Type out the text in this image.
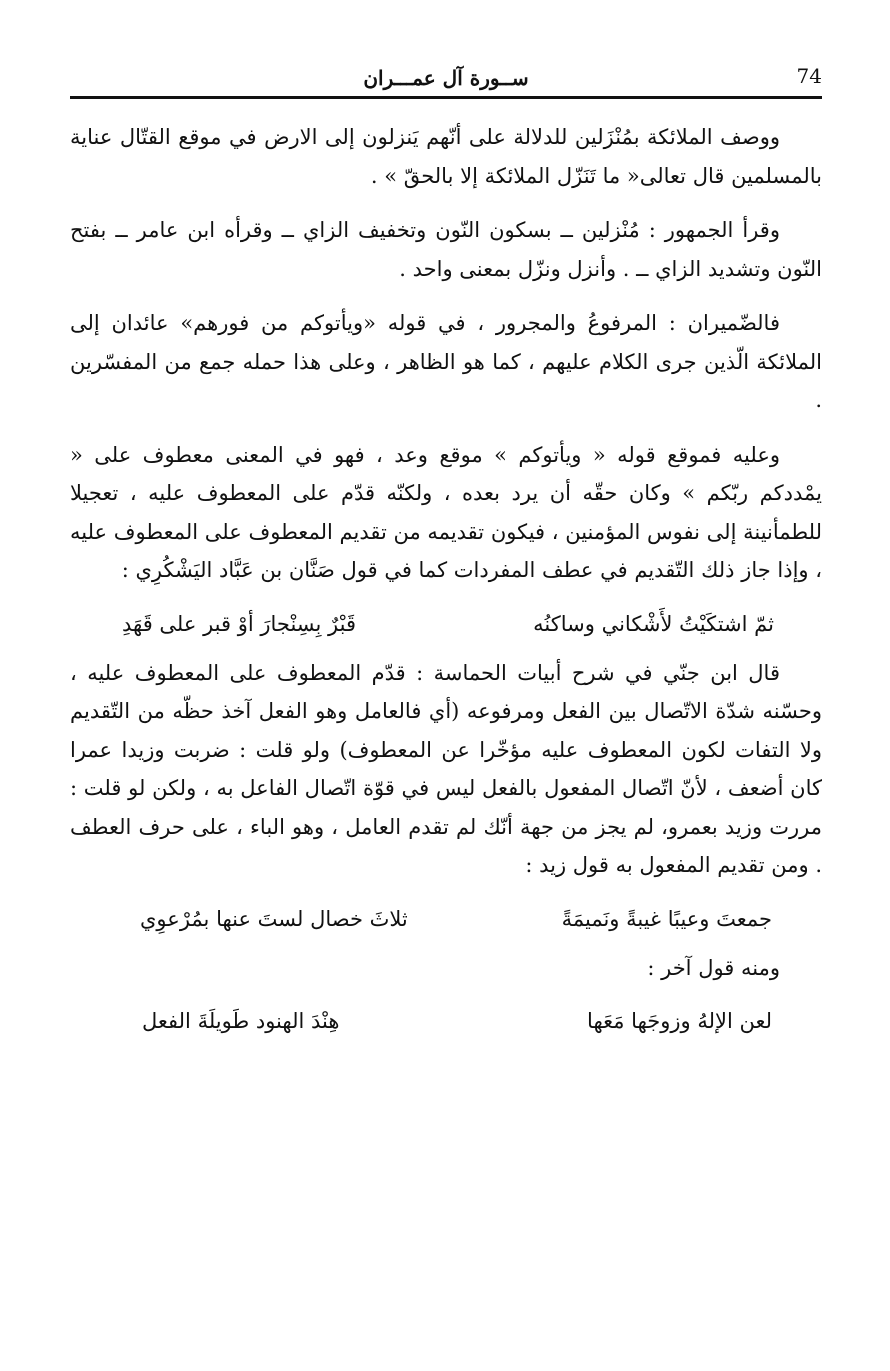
74
ســورة آل عمـــران

ووصف الملائكة بمُنْزَلين للدلالة على أنّهم يَنزلون إلى الارض في موقع القتّال عناية بالمسلمين قال تعالى« ما تَنَزّل الملائكة إلا بالحقّ » .

وقرأ الجمهور : مُنْزلين ــ بسكون النّون وتخفيف الزاي ــ وقرأه ابن عامر ــ بفتح النّون وتشديد الزاي ــ . وأنزل ونزّل بمعنى واحد .

فالضّميران : المرفوعُ والمجرور ، في قوله «ويأتوكم من فورهم» عائدان إلى الملائكة الّذين جرى الكلام عليهم ، كما هو الظاهر ، وعلى هذا حمله جمع من المفسّرين .

وعليه فموقع قوله « ويأتوكم » موقع وعد ، فهو في المعنى معطوف على « يمْددكم ربّكم » وكان حقّه أن يرد بعده ، ولكنّه قدّم على المعطوف عليه ، تعجيلا للطمأنينة إلى نفوس المؤمنين ، فيكون تقديمه من تقديم المعطوف على المعطوف عليه ، وإذا جاز ذلك التّقديم في عطف المفردات كما في قول صَنَّان بن عَبَّاد اليَشْكُرِي :

ثمّ اشتكَيْتُ لأَشْكاني وساكنُه
قَبْرٌ بِسِنْجارَ أوْ قبر على قَهَدِ

قال ابن جنّي في شرح أبيات الحماسة : قدّم المعطوف على المعطوف عليه ، وحسّنه شدّة الاتّصال بين الفعل ومرفوعه (أي فالعامل وهو الفعل آخذ حظّه من التّقديم ولا التفات لكون المعطوف عليه مؤخّرا عن المعطوف) ولو قلت : ضربت وزيدا عمرا كان أضعف ، لأنّ اتّصال المفعول بالفعل ليس في قوّة اتّصال الفاعل به ، ولكن لو قلت : مررت وزيد بعمرو، لم يجز من جهة أنّك لم تقدم العامل ، وهو الباء ، على حرف العطف . ومن تقديم المفعول به قول زيد :

جمعتَ وعيبًا غيبةً ونَميمَةً
ثلاثَ خصال لستَ عنها بمُرْعوِي

ومنه قول آخر :

لعن الإلهُ وزوجَها مَعَها
هِنْدَ الهنود طَويلَةَ الفعل
